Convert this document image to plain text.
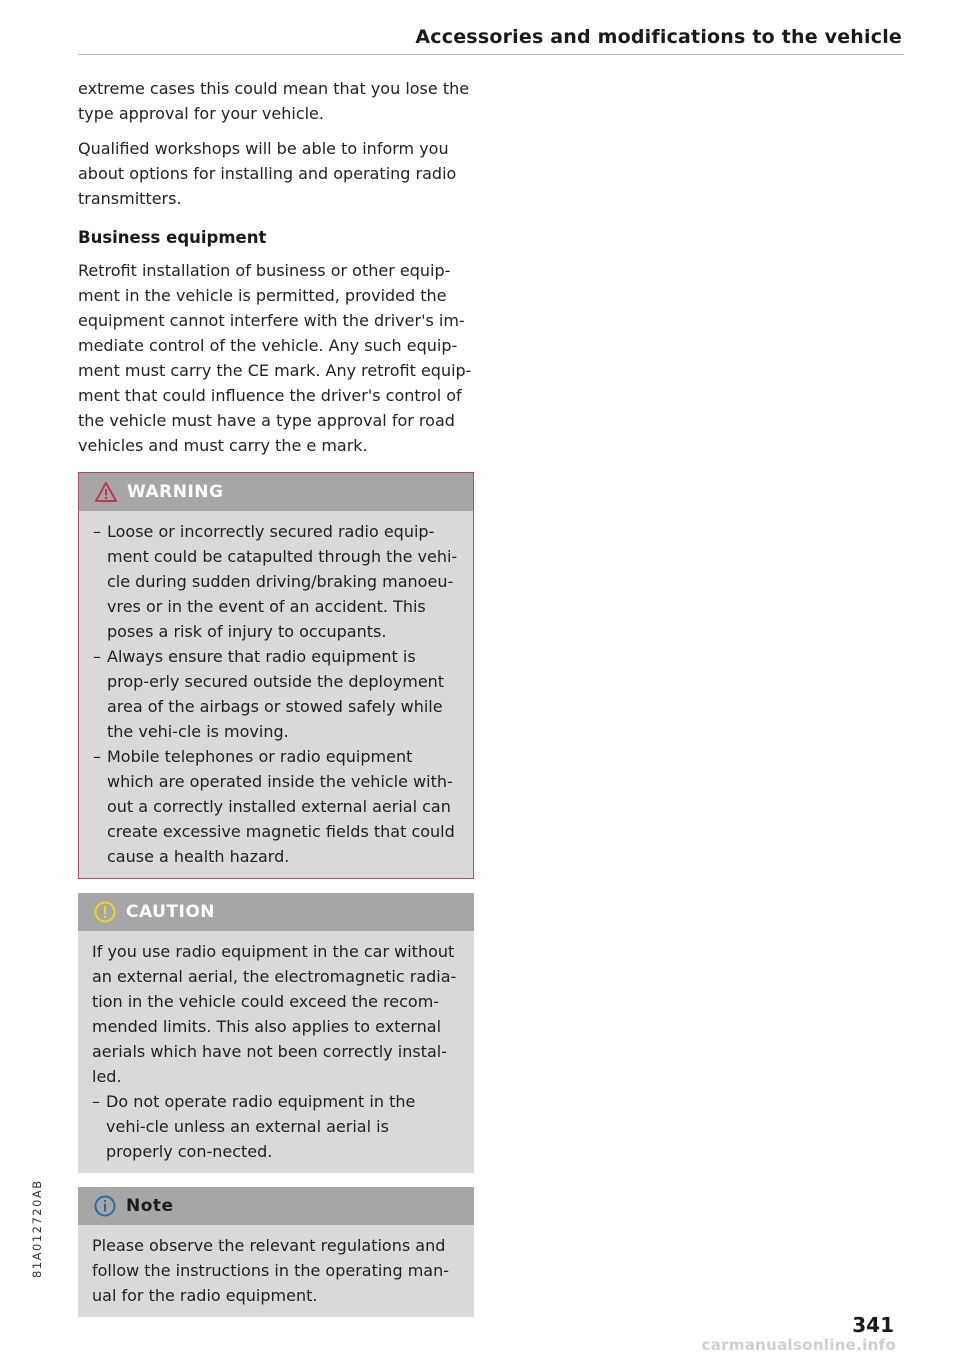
Accessories and modifications to the vehicle

extreme cases this could mean that you lose the type approval for your vehicle.

Qualified workshops will be able to inform you about options for installing and operating radio transmitters.

Business equipment

Retrofit installation of business or other equip-ment in the vehicle is permitted, provided the equipment cannot interfere with the driver's im-mediate control of the vehicle. Any such equip-ment must carry the CE mark. Any retrofit equip-ment that could influence the driver's control of the vehicle must have a type approval for road vehicles and must carry the e mark.

WARNING
– Loose or incorrectly secured radio equip-ment could be catapulted through the vehi-cle during sudden driving/braking manoeu-vres or in the event of an accident. This poses a risk of injury to occupants.
– Always ensure that radio equipment is prop-erly secured outside the deployment area of the airbags or stowed safely while the vehi-cle is moving.
– Mobile telephones or radio equipment which are operated inside the vehicle with-out a correctly installed external aerial can create excessive magnetic fields that could cause a health hazard.
CAUTION

If you use radio equipment in the car without an external aerial, the electromagnetic radia-tion in the vehicle could exceed the recom-mended limits. This also applies to external aerials which have not been correctly instal-led.

– Do not operate radio equipment in the vehi-cle unless an external aerial is properly con-nected.
Note

Please observe the relevant regulations and follow the instructions in the operating man-ual for the radio equipment.

81A012720AB
341
carmanualsonline.info
